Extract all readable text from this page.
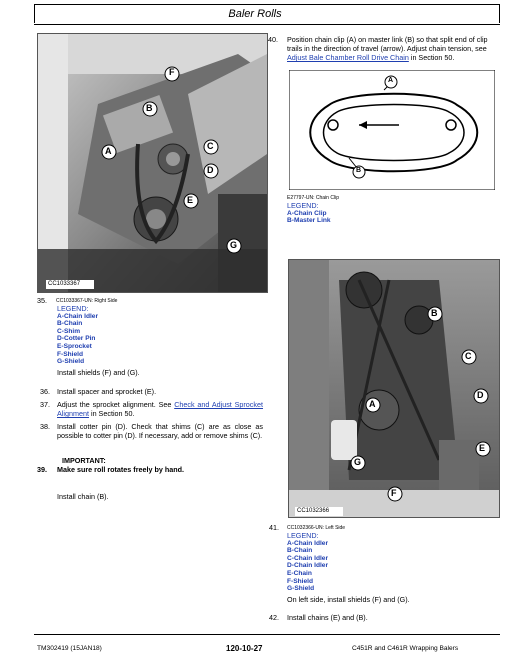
Baler Rolls
F
B
A	C
D
E
G
CC1033367
35. CC1033367-UN: Right Side
LEGEND:
A-Chain Idler
B-Chain
C-Shim
D-Cotter Pin
E-Sprocket
F-Shield
G-Shield
Install shields (F) and (G).
36. Install spacer and sprocket (E).
37. Adjust the sprocket alignment. See Check and Adjust Sprocket Alignment in Section 50.
38. Install cotter pin (D). Check that shims (C) are as close as possible to cotter pin (D). If necessary, add or remove shims (C).
IMPORTANT:
39. Make sure roll rotates freely by hand.
Install chain (B).
40. Position chain clip (A) on master link (B) so that split end of clip trails in the direction of travel (arrow). Adjust chain tension, see Adjust Bale Chamber Roll Drive Chain in Section 50.
A
B
E27797-UN: Chain Clip
LEGEND:
A-Chain Clip
B-Master Link
B
C
A
D
G
E
F
CC1032366
41. CC1032366-UN: Left Side
LEGEND:
A-Chain Idler
B-Chain
C-Chain Idler
D-Chain Idler
E-Chain
F-Shield
G-Shield
On left side, install shields (F) and (G).
42. Install chains (E) and (B).
TM302419 (15JAN18)	120-10-27	C451R and C461R Wrapping Balers
